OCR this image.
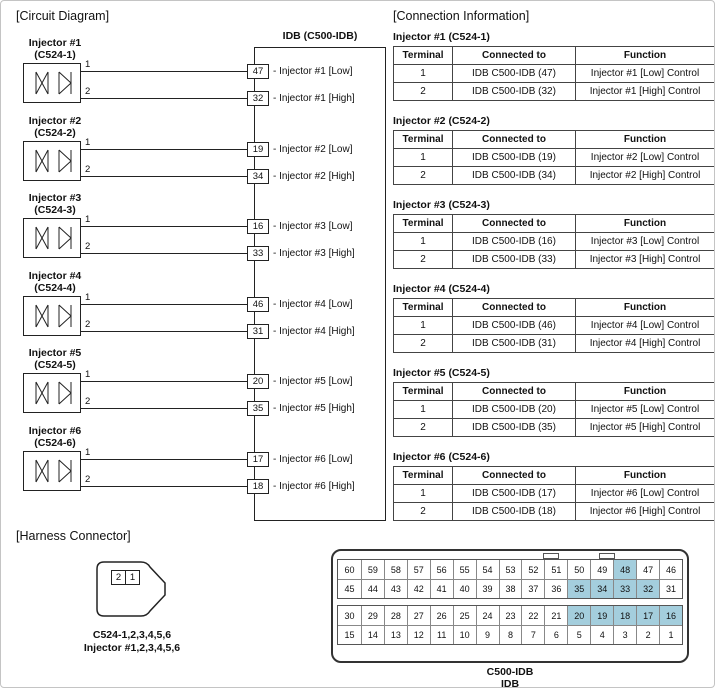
[Circuit Diagram]	[Connection Information]
[Harness Connector]
IDB (C500-IDB)
Injector #1
(C524-1)
1
2
47 - Injector #1 [Low]
32 - Injector #1 [High]
Injector #2
(C524-2)
1
2
19 - Injector #2 [Low]
34 - Injector #2 [High]
Injector #3
(C524-3)
1
2
16 - Injector #3 [Low]
33 - Injector #3 [High]
Injector #4
(C524-4)
1
2
46 - Injector #4 [Low]
31 - Injector #4 [High]
Injector #5
(C524-5)
1
2
20 - Injector #5 [Low]
35 - Injector #5 [High]
Injector #6
(C524-6)
1
2
17 - Injector #6 [Low]
18 - Injector #6 [High]
Injector #1 (C524-1)
Terminal	Connected to	Function
1	IDB C500-IDB (47)	Injector #1 [Low] Control
2	IDB C500-IDB (32)	Injector #1 [High] Control
Injector #2 (C524-2)
Terminal	Connected to	Function
1	IDB C500-IDB (19)	Injector #2 [Low] Control
2	IDB C500-IDB (34)	Injector #2 [High] Control
Injector #3 (C524-3)
Terminal	Connected to	Function
1	IDB C500-IDB (16)	Injector #3 [Low] Control
2	IDB C500-IDB (33)	Injector #3 [High] Control
Injector #4 (C524-4)
Terminal	Connected to	Function
1	IDB C500-IDB (46)	Injector #4 [Low] Control
2	IDB C500-IDB (31)	Injector #4 [High] Control
Injector #5 (C524-5)
Terminal	Connected to	Function
1	IDB C500-IDB (20)	Injector #5 [Low] Control
2	IDB C500-IDB (35)	Injector #5 [High] Control
Injector #6 (C524-6)
Terminal	Connected to	Function
1	IDB C500-IDB (17)	Injector #6 [Low] Control
2	IDB C500-IDB (18)	Injector #6 [High] Control
2 1
C524-1,2,3,4,5,6
Injector #1,2,3,4,5,6
60	59	58	57	56	55	54	53	52	51	50	49	48	47	46
45	44	43	42	41	40	39	38	37	36	35	34	33	32	31
30	29	28	27	26	25	24	23	22	21	20	19	18	17	16
15	14	13	12	11	10	9	8	7	6	5	4	3	2	1
C500-IDB
IDB
